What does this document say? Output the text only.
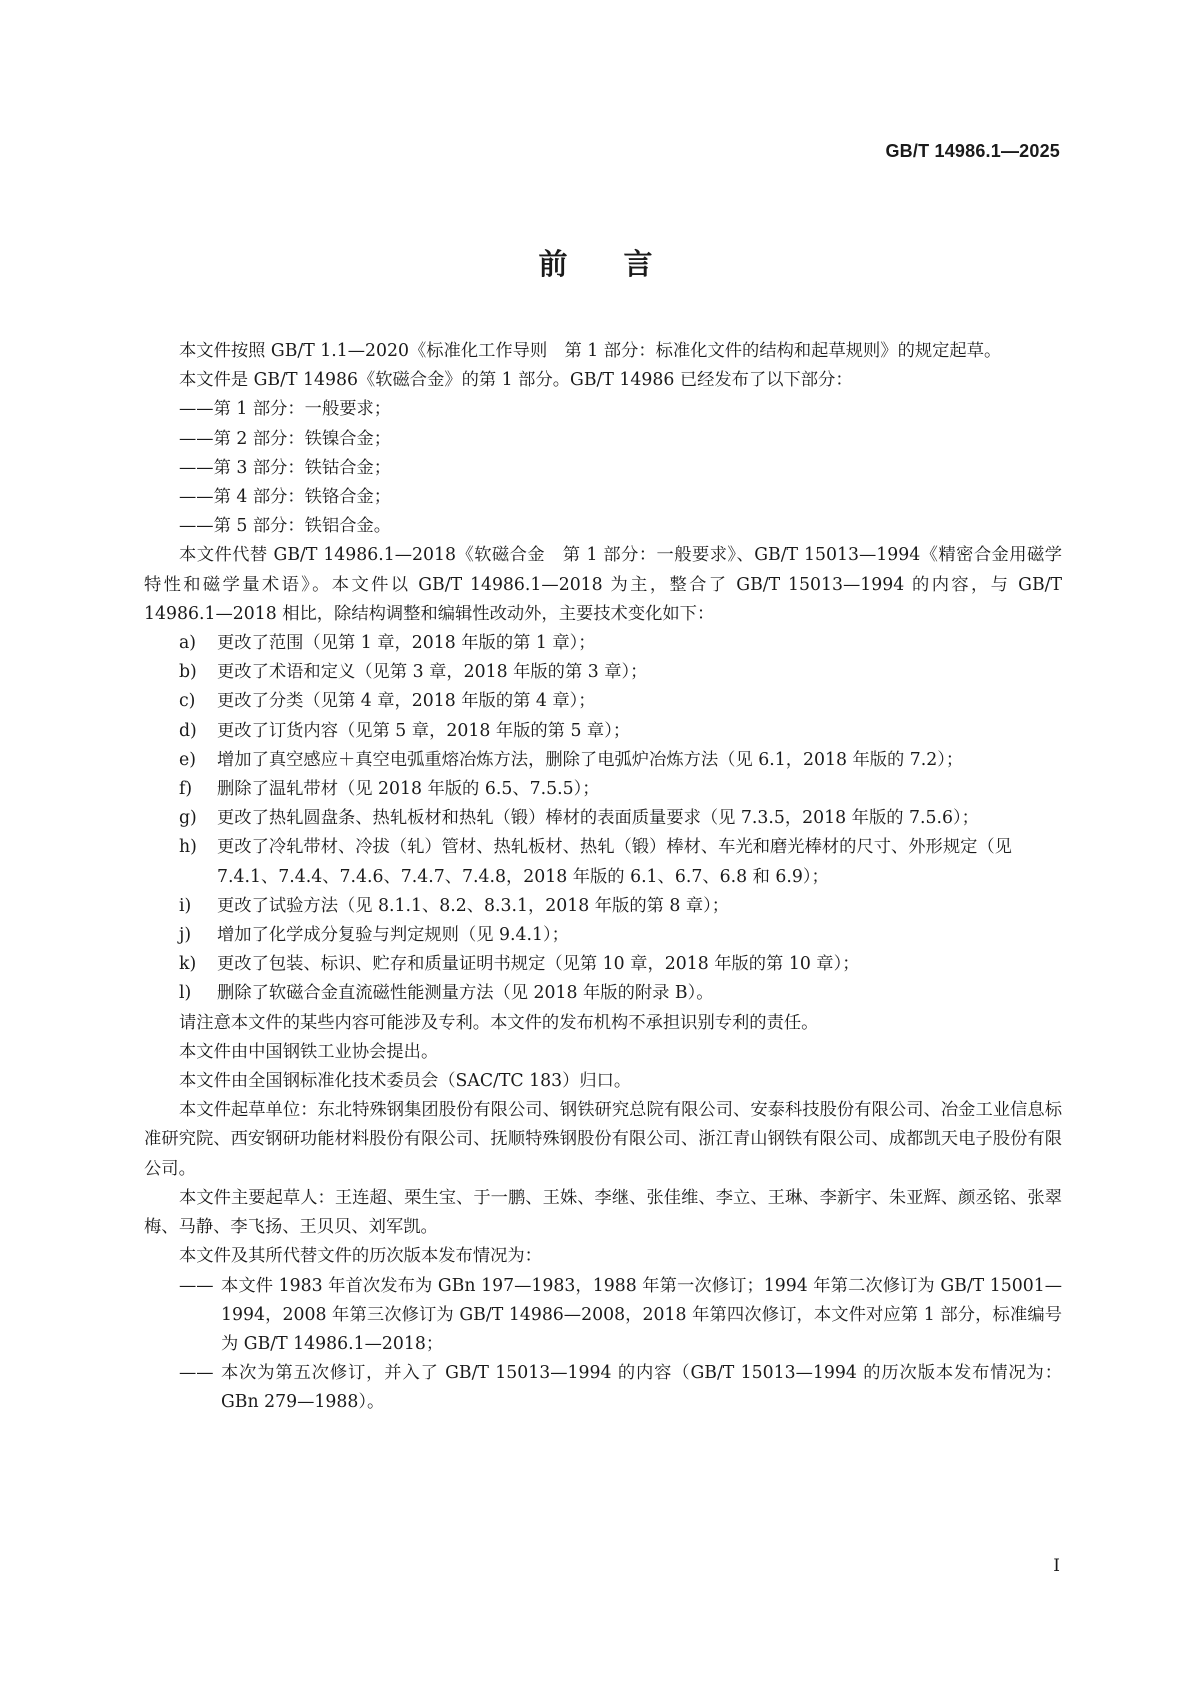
GB/T 14986.1—2025
前 言

本文件按照 GB/T 1.1—2020《标准化工作导则　第 1 部分：标准化文件的结构和起草规则》的规定起草。

本文件是 GB/T 14986《软磁合金》的第 1 部分。GB/T 14986 已经发布了以下部分：

——第 1 部分：一般要求；

——第 2 部分：铁镍合金；

——第 3 部分：铁钴合金；

——第 4 部分：铁铬合金；

——第 5 部分：铁铝合金。

本文件代替 GB/T 14986.1—2018《软磁合金　第 1 部分：一般要求》、GB/T 15013—1994《精密合金用磁学特性和磁学量术语》。本文件以 GB/T 14986.1—2018 为主，整合了 GB/T 15013—1994 的内容，与 GB/T 14986.1—2018 相比，除结构调整和编辑性改动外，主要技术变化如下：

a)	更改了范围（见第 1 章，2018 年版的第 1 章）；
b)	更改了术语和定义（见第 3 章，2018 年版的第 3 章）；
c)	更改了分类（见第 4 章，2018 年版的第 4 章）；
d)	更改了订货内容（见第 5 章，2018 年版的第 5 章）；
e)	增加了真空感应＋真空电弧重熔冶炼方法，删除了电弧炉冶炼方法（见 6.1，2018 年版的 7.2）；
f)	删除了温轧带材（见 2018 年版的 6.5、7.5.5）；
g)	更改了热轧圆盘条、热轧板材和热轧（锻）棒材的表面质量要求（见 7.3.5，2018 年版的 7.5.6）；
h)	更改了冷轧带材、冷拔（轧）管材、热轧板材、热轧（锻）棒材、车光和磨光棒材的尺寸、外形规定（见 7.4.1、7.4.4、7.4.6、7.4.7、7.4.8，2018 年版的 6.1、6.7、6.8 和 6.9）；
i)	更改了试验方法（见 8.1.1、8.2、8.3.1，2018 年版的第 8 章）；
j)	增加了化学成分复验与判定规则（见 9.4.1）；
k)	更改了包装、标识、贮存和质量证明书规定（见第 10 章，2018 年版的第 10 章）；
l)	删除了软磁合金直流磁性能测量方法（见 2018 年版的附录 B）。

请注意本文件的某些内容可能涉及专利。本文件的发布机构不承担识别专利的责任。

本文件由中国钢铁工业协会提出。

本文件由全国钢标准化技术委员会（SAC/TC 183）归口。

本文件起草单位：东北特殊钢集团股份有限公司、钢铁研究总院有限公司、安泰科技股份有限公司、冶金工业信息标准研究院、西安钢研功能材料股份有限公司、抚顺特殊钢股份有限公司、浙江青山钢铁有限公司、成都凯天电子股份有限公司。

本文件主要起草人：王连超、栗生宝、于一鹏、王姝、李继、张佳维、李立、王琳、李新宇、朱亚辉、颜丞铭、张翠梅、马静、李飞扬、王贝贝、刘军凯。

本文件及其所代替文件的历次版本发布情况为：

—— 本文件 1983 年首次发布为 GBn 197—1983，1988 年第一次修订；1994 年第二次修订为 GB/T 15001—1994，2008 年第三次修订为 GB/T 14986—2008，2018 年第四次修订，本文件对应第 1 部分，标准编号为 GB/T 14986.1—2018；
—— 本次为第五次修订，并入了 GB/T 15013—1994 的内容（GB/T 15013—1994 的历次版本发布情况为：GBn 279—1988）。
I
